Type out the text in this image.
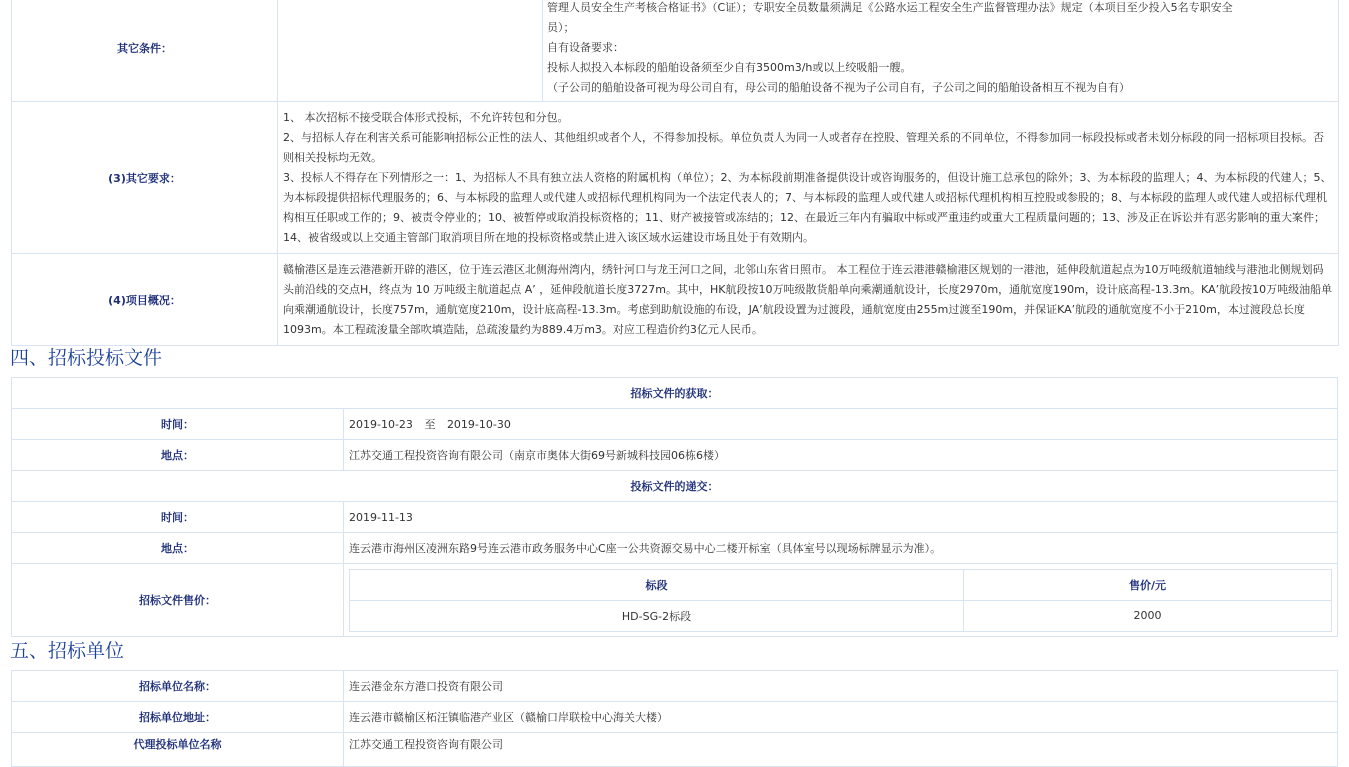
其它条件：		管理人员安全生产考核合格证书》（C证）；专职安全员数量须满足《公路水运工程安全生产监督管理办法》规定（本项目至少投入5名专职安全
员）；
自有设备要求：
投标人拟投入本标段的船舶设备须至少自有3500m3/h或以上绞吸船一艘。
（子公司的船舶设备可视为母公司自有，母公司的船舶设备不视为子公司自有，子公司之间的船舶设备相互不视为自有）

(3)其它要求：	1、 本次招标不接受联合体形式投标，不允许转包和分包。
2、与招标人存在利害关系可能影响招标公正性的法人、其他组织或者个人，不得参加投标。单位负责人为同一人或者存在控股、管理关系的不同单位，不得参加同一标段投标或者未划分标段的同一招标项目投标。否则相关投标均无效。
3、投标人不得存在下列情形之一：1、为招标人不具有独立法人资格的附属机构（单位）；2、为本标段前期准备提供设计或咨询服务的，但设计施工总承包的除外；3、为本标段的监理人；4、为本标段的代建人；5、为本标段提供招标代理服务的；6、与本标段的监理人或代建人或招标代理机构同为一个法定代表人的；7、与本标段的监理人或代建人或招标代理机构相互控股或参股的；8、与本标段的监理人或代建人或招标代理机构相互任职或工作的；9、被责令停业的；10、被暂停或取消投标资格的；11、财产被接管或冻结的；12、在最近三年内有骗取中标或严重违约或重大工程质量问题的；13、涉及正在诉讼并有恶劣影响的重大案件；14、被省级或以上交通主管部门取消项目所在地的投标资格或禁止进入该区域水运建设市场且处于有效期内。	

(4)项目概况：	赣榆港区是连云港港新开辟的港区，位于连云港区北侧海州湾内，绣针河口与龙王河口之间，北邻山东省日照市。 本工程位于连云港港赣榆港区规划的一港池，延伸段航道起点为10万吨级航道轴线与港池北侧规划码头前沿线的交点H，终点为 10 万吨级主航道起点 A’ ，延伸段航道长度3727m。其中，HK航段按10万吨级散货船单向乘潮通航设计，长度2970m，通航宽度190m，设计底高程-13.3m。KA’航段按10万吨级油船单向乘潮通航设计，长度757m，通航宽度210m，设计底高程-13.3m。考虑到助航设施的布设，JA’航段设置为过渡段，通航宽度由255m过渡至190m，并保证KA’航段的通航宽度不小于210m，本过渡段总长度1093m。本工程疏浚量全部吹填造陆，总疏浚量约为889.4万m3。对应工程造价约3亿元人民币。	
四、招标投标文件
招标文件的获取：
时间：	2019-10-23 至 2019-10-30
地点：	江苏交通工程投资咨询有限公司（南京市奥体大街69号新城科技园06栋6楼）
投标文件的递交：
时间：	2019-11-13
地点：	连云港市海州区凌洲东路9号连云港市政务服务中心C座一公共资源交易中心二楼开标室（具体室号以现场标牌显示为准）。
招标文件售价：	
标段	售价/元
HD-SG-2标段	2000
五、招标单位
招标单位名称：	连云港金东方港口投资有限公司
招标单位地址：	连云港市赣榆区柘汪镇临港产业区（赣榆口岸联检中心海关大楼）
代理投标单位名称	江苏交通工程投资咨询有限公司
